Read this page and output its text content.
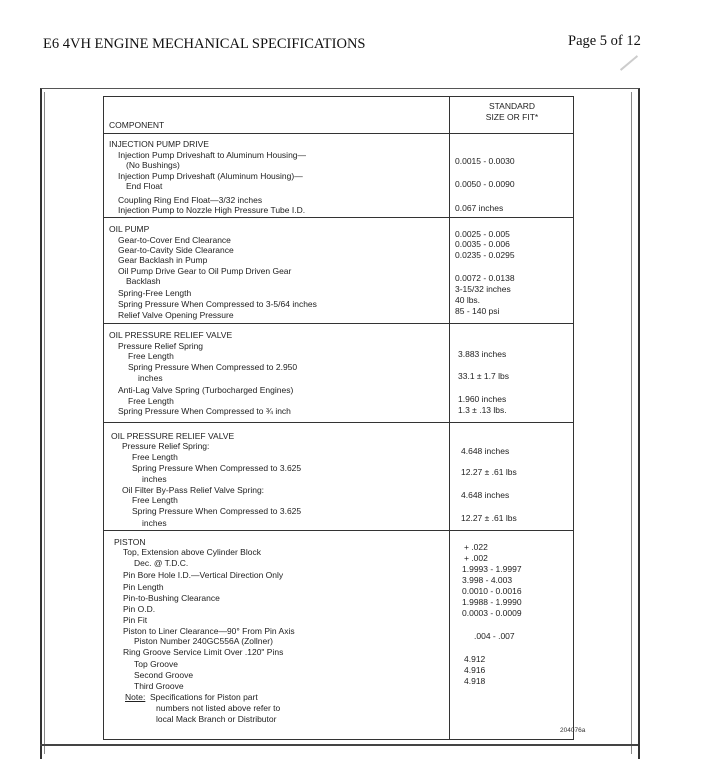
E6 4VH ENGINE MECHANICAL SPECIFICATIONS	Page 5 of 12
COMPONENT
STANDARD
SIZE OR FIT*
INJECTION PUMP DRIVE
Injection Pump Driveshaft to Aluminum Housing—
(No Bushings)
Injection Pump Driveshaft (Aluminum Housing)—
End Float
Coupling Ring End Float—3/32 inches
Injection Pump to Nozzle High Pressure Tube I.D.
0.0015 - 0.0030
0.0050 - 0.0090
0.067 inches
OIL PUMP
Gear-to-Cover End Clearance
Gear-to-Cavity Side Clearance
Gear Backlash in Pump
Oil Pump Drive Gear to Oil Pump Driven Gear
Backlash
Spring-Free Length
Spring Pressure When Compressed to 3-5/64 inches
Relief Valve Opening Pressure
0.0025 - 0.005
0.0035 - 0.006
0.0235 - 0.0295
0.0072 - 0.0138
3-15/32 inches
40 lbs.
85 - 140 psi
OIL PRESSURE RELIEF VALVE
Pressure Relief Spring
Free Length
Spring Pressure When Compressed to 2.950
inches
Anti-Lag Valve Spring (Turbocharged Engines)
Free Length
Spring Pressure When Compressed to ¾ inch
3.883 inches
33.1 ± 1.7 lbs
1.960 inches
1.3 ± .13 lbs.
OIL PRESSURE RELIEF VALVE
Pressure Relief Spring:
Free Length
Spring Pressure When Compressed to 3.625
inches
Oil Filter By-Pass Relief Valve Spring:
Free Length
Spring Pressure When Compressed to 3.625
inches
4.648 inches
12.27 ± .61 lbs
4.648 inches
12.27 ± .61 lbs
PISTON
Top, Extension above Cylinder Block
Dec. @ T.D.C.
Pin Bore Hole I.D.—Vertical Direction Only
Pin Length
Pin-to-Bushing Clearance
Pin O.D.
Pin Fit
Piston to Liner Clearance—90° From Pin Axis
Piston Number 240GC556A (Zollner)
Ring Groove Service Limit Over .120" Pins
Top Groove
Second Groove
Third Groove
Note: Specifications for Piston part
numbers not listed above refer to
local Mack Branch or Distributor
+ .022
+ .002
1.9993 - 1.9997
3.998 - 4.003
0.0010 - 0.0016
1.9988 - 1.9990
0.0003 - 0.0009
.004 - .007
4.912
4.916
4.918
204076a
